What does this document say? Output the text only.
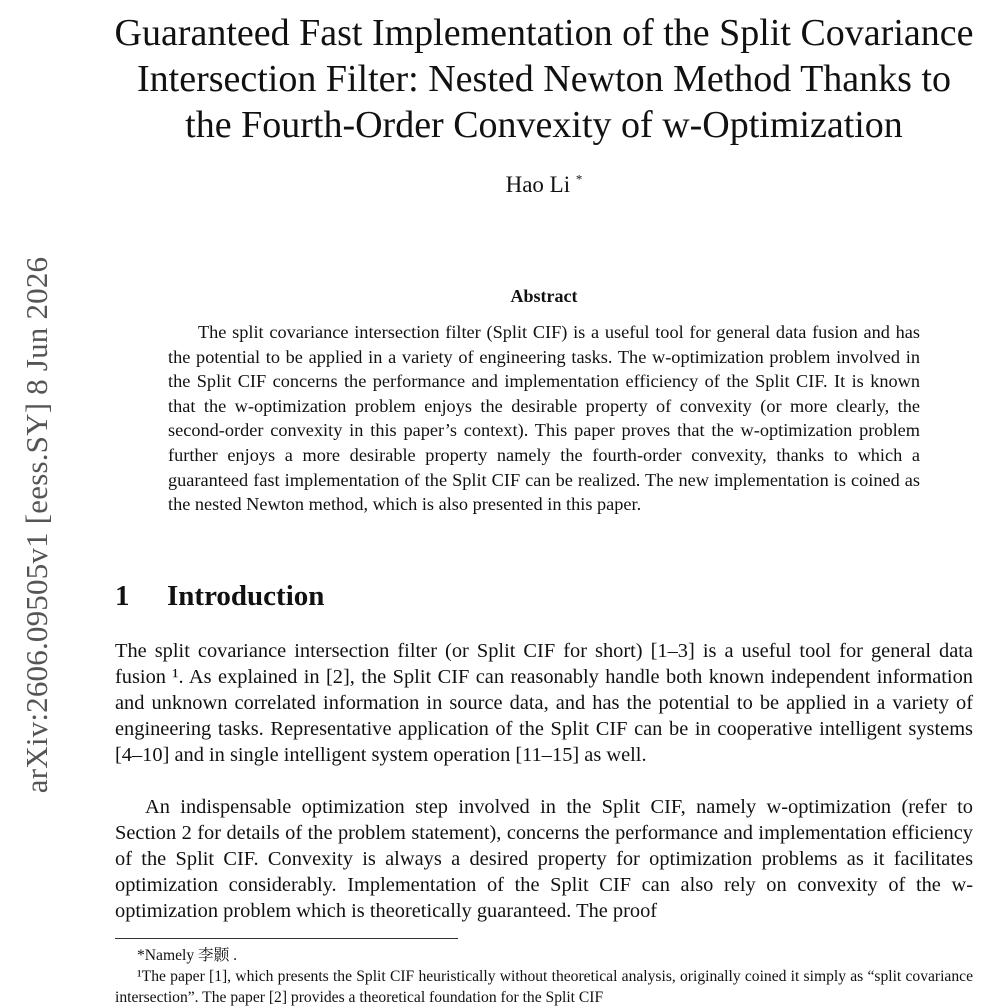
arXiv:2606.09505v1 [eess.SY] 8 Jun 2026
Guaranteed Fast Implementation of the Split Covariance
Intersection Filter: Nested Newton Method Thanks to
the Fourth-Order Convexity of w-Optimization
Hao Li *
Abstract
The split covariance intersection filter (Split CIF) is a useful tool for general data fusion and has the potential to be applied in a variety of engineering tasks. The w-optimization problem involved in the Split CIF concerns the performance and implementation efficiency of the Split CIF. It is known that the w-optimization problem enjoys the desirable property of convexity (or more clearly, the second-order convexity in this paper’s context). This paper proves that the w-optimization problem further enjoys a more desirable property namely the fourth-order convexity, thanks to which a guaranteed fast implementation of the Split CIF can be realized. The new implementation is coined as the nested Newton method, which is also presented in this paper.
1 Introduction
The split covariance intersection filter (or Split CIF for short) [1–3] is a useful tool for general data fusion ¹. As explained in [2], the Split CIF can reasonably handle both known independent information and unknown correlated information in source data, and has the potential to be applied in a variety of engineering tasks. Representative application of the Split CIF can be in cooperative intelligent systems [4–10] and in single intelligent system operation [11–15] as well.
An indispensable optimization step involved in the Split CIF, namely w-optimization (refer to Section 2 for details of the problem statement), concerns the performance and implementation efficiency of the Split CIF. Convexity is always a desired property for optimization problems as it facilitates optimization considerably. Implementation of the Split CIF can also rely on convexity of the w-optimization problem which is theoretically guaranteed. The proof
*Namely 李颢 .
¹The paper [1], which presents the Split CIF heuristically without theoretical analysis, originally coined it simply as “split covariance intersection”. The paper [2] provides a theoretical foundation for the Split CIF
